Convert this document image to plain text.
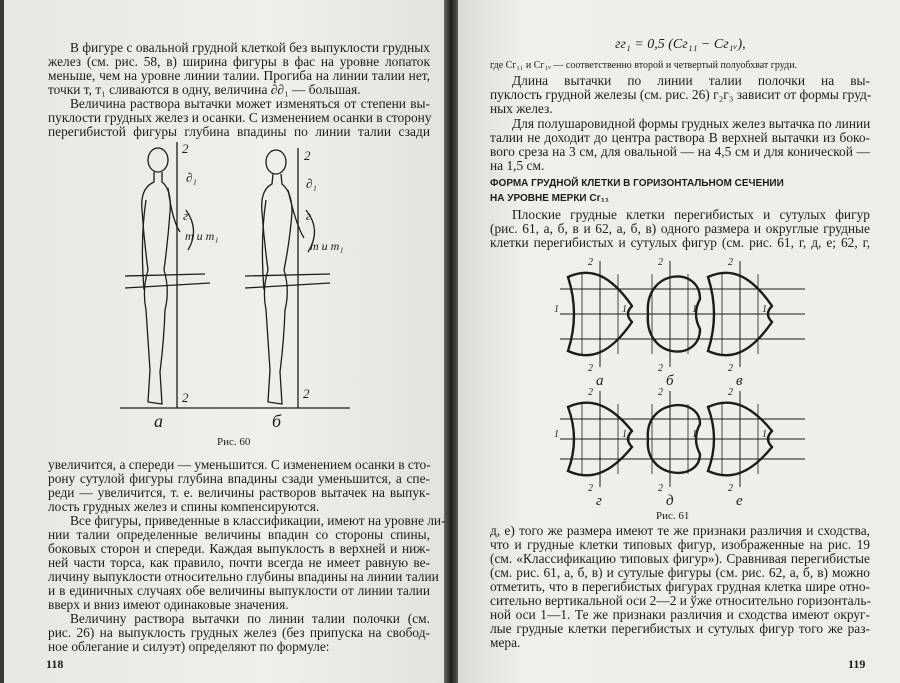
В фигуре с овальной грудной клеткой без выпуклости грудных
желез (см. рис. 58, в) ширина фигуры в фас на уровне лопаток
меньше, чем на уровне линии талии. Прогиба на линии талии нет,
точки т, т₁ сливаются в одну, величина ∂∂₁ — большая.
Величина раствора вытачки может изменяться от степени вы-
пуклости грудных желез и осанки. С изменением осанки в сторону
перегибистой фигуры глубина впадины по линии талии сзади
2
2
∂₁
г
т и т₁
2
2
∂₁
г
т и т₁
а	б
Рис. 60
увеличится, а спереди — уменьшится. С изменением осанки в сто-
рону сутулой фигуры глубина впадины сзади уменьшится, а спе-
реди — увеличится, т. е. величины растворов вытачек на выпук-
лость грудных желез и спины компенсируются.
Все фигуры, приведенные в классификации, имеют на уровне ли-
нии талии определенные величины впадин со стороны спины,
боковых сторон и спереди. Каждая выпуклость в верхней и ниж-
ней части торса, как правило, почти всегда не имеет равную ве-
личину выпуклости относительно глубины впадины на линии талии
и в единичных случаях обе величины выпуклости от линии талии
вверх и вниз имеют одинаковые значения.
Величину раствора вытачки по линии талии полочки (см.
рис. 26) на выпуклость грудных желез (без припуска на свобод-
ное облегание и силуэт) определяют по формуле:
118
гг₁ = 0,5 (Cг₁₁ − Cг₁ᵥ),
где Cг₁₁ и Cг₁ᵥ — соответственно второй и четвертый полуобхват груди.
Длина вытачки по линии талии полочки на вы-
пуклость грудной железы (см. рис. 26) г₂г₃ зависит от формы груд-
ных желез.
Для полушаровидной формы грудных желез вытачка по линии
талии не доходит до центра раствора В верхней вытачки из боко-
вого среза на 3 см, для овальной — на 4,5 см и для конической —
на 1,5 см.
ФОРМА ГРУДНОЙ КЛЕТКИ В ГОРИЗОНТАЛЬНОМ СЕЧЕНИИ
НА УРОВНЕ МЕРКИ Сг₁₁
Плоские грудные клетки перегибистых и сутулых фигур
(рис. 61, а, б, в и 62, а, б, в) одного размера и округлые грудные
клетки перегибистых и сутулых фигур (см. рис. 61, г, д, е; 62, г,
а
2
2
1
б
2
2
1
в
2
2
1
1
г
2
2
1
д
2
2
1
е
2
2
1
1
Рис. 61
д, е) того же размера имеют те же признаки различия и сходства,
что и грудные клетки типовых фигур, изображенные на рис. 19
(см. «Классификацию типовых фигур»). Сравнивая перегибистые
(см. рис. 61, а, б, в) и сутулые фигуры (см. рис. 62, а, б, в) можно
отметить, что в перегибистых фигурах грудная клетка шире отно-
сительно вертикальной оси 2—2 и ўже относительно горизонталь-
ной оси 1—1. Те же признаки различия и сходства имеют округ-
лые грудные клетки перегибистых и сутулых фигур того же раз-
мера.
119
